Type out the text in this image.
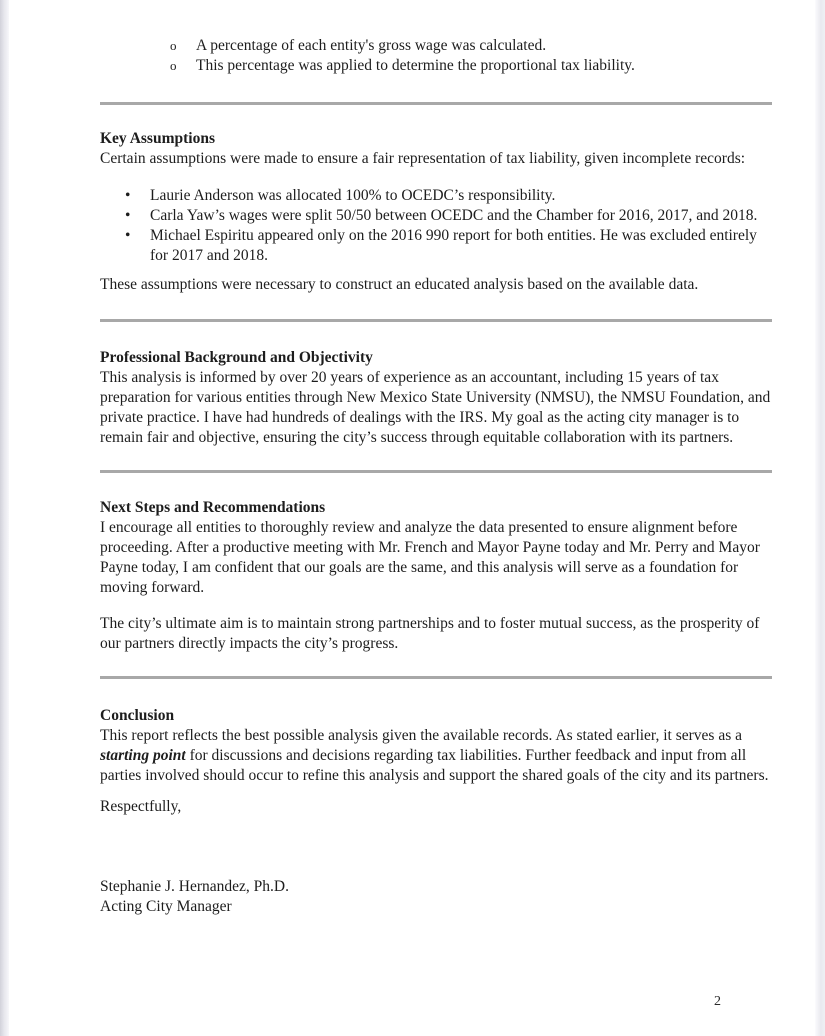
o A percentage of each entity's gross wage was calculated.
o This percentage was applied to determine the proportional tax liability.
Key Assumptions

Certain assumptions were made to ensure a fair representation of tax liability, given incomplete records:

• Laurie Anderson was allocated 100% to OCEDC’s responsibility.
• Carla Yaw’s wages were split 50/50 between OCEDC and the Chamber for 2016, 2017, and 2018.
• Michael Espiritu appeared only on the 2016 990 report for both entities. He was excluded entirely for 2017 and 2018.

These assumptions were necessary to construct an educated analysis based on the available data.

Professional Background and Objectivity

This analysis is informed by over 20 years of experience as an accountant, including 15 years of tax preparation for various entities through New Mexico State University (NMSU), the NMSU Foundation, and private practice. I have had hundreds of dealings with the IRS. My goal as the acting city manager is to remain fair and objective, ensuring the city’s success through equitable collaboration with its partners.

Next Steps and Recommendations

I encourage all entities to thoroughly review and analyze the data presented to ensure alignment before proceeding. After a productive meeting with Mr. French and Mayor Payne today and Mr. Perry and Mayor Payne today, I am confident that our goals are the same, and this analysis will serve as a foundation for moving forward.

The city’s ultimate aim is to maintain strong partnerships and to foster mutual success, as the prosperity of our partners directly impacts the city’s progress.

Conclusion

This report reflects the best possible analysis given the available records. As stated earlier, it serves as a starting point for discussions and decisions regarding tax liabilities. Further feedback and input from all parties involved should occur to refine this analysis and support the shared goals of the city and its partners.

Respectfully,

Stephanie J. Hernandez, Ph.D.

Acting City Manager

2
